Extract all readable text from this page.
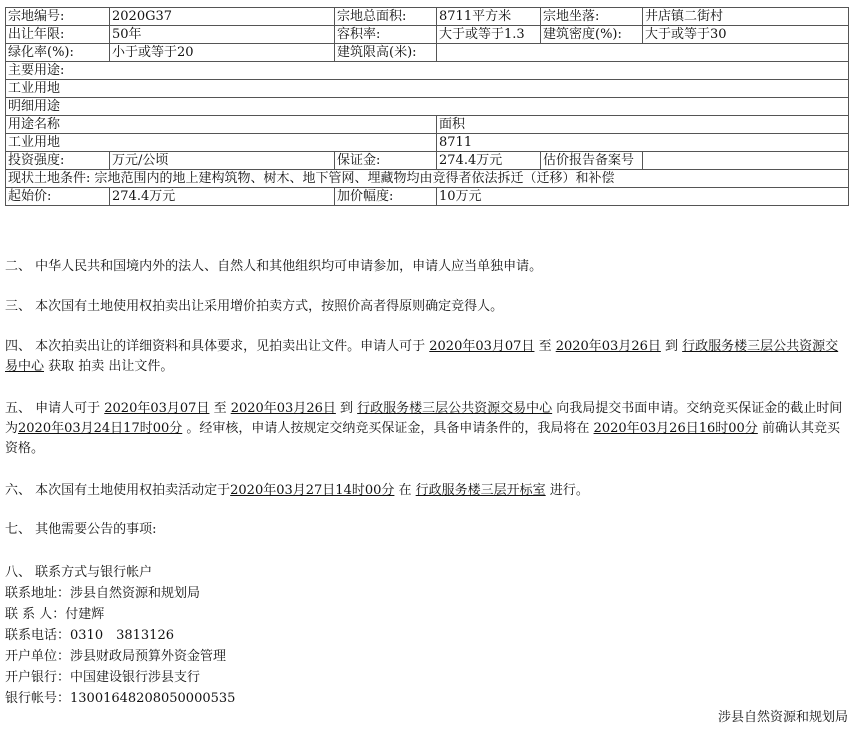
宗地编号:	2020G37	宗地总面积:	8711平方米	宗地坐落:	井店镇二街村
出让年限:	50年	容积率:	大于或等于1.3	建筑密度(%):	大于或等于30
绿化率(%):	小于或等于20	建筑限高(米):			
主要用途:					
工业用地					
明细用途					
用途名称			面积		
工业用地			8711		
投资强度:	万元/公顷	保证金:	274.4万元	估价报告备案号	
现状土地条件: 宗地范围内的地上建构筑物、树木、地下管网、埋藏物均由竞得者依法拆迁（迁移）和补偿					
起始价:	274.4万元	加价幅度:	10万元		
二、 中华人民共和国境内外的法人、自然人和其他组织均可申请参加，申请人应当单独申请。
三、 本次国有土地使用权拍卖出让采用增价拍卖方式，按照价高者得原则确定竞得人。
四、 本次拍卖出让的详细资料和具体要求，见拍卖出让文件。申请人可于 2020年03月07日 至 2020年03月26日 到 行政服务楼三层公共资源交易中心 获取 拍卖 出让文件。
五、 申请人可于 2020年03月07日 至 2020年03月26日 到 行政服务楼三层公共资源交易中心 向我局提交书面申请。交纳竞买保证金的截止时间为2020年03月24日17时00分 。经审核，申请人按规定交纳竞买保证金，具备申请条件的，我局将在 2020年03月26日16时00分 前确认其竞买资格。
六、 本次国有土地使用权拍卖活动定于2020年03月27日14时00分 在 行政服务楼三层开标室 进行。
七、 其他需要公告的事项:
八、 联系方式与银行帐户
联系地址：涉县自然资源和规划局
联 系 人：付建辉
联系电话：0310　3813126
开户单位：涉县财政局预算外资金管理
开户银行：中国建设银行涉县支行
银行帐号：13001648208050000535
涉县自然资源和规划局
